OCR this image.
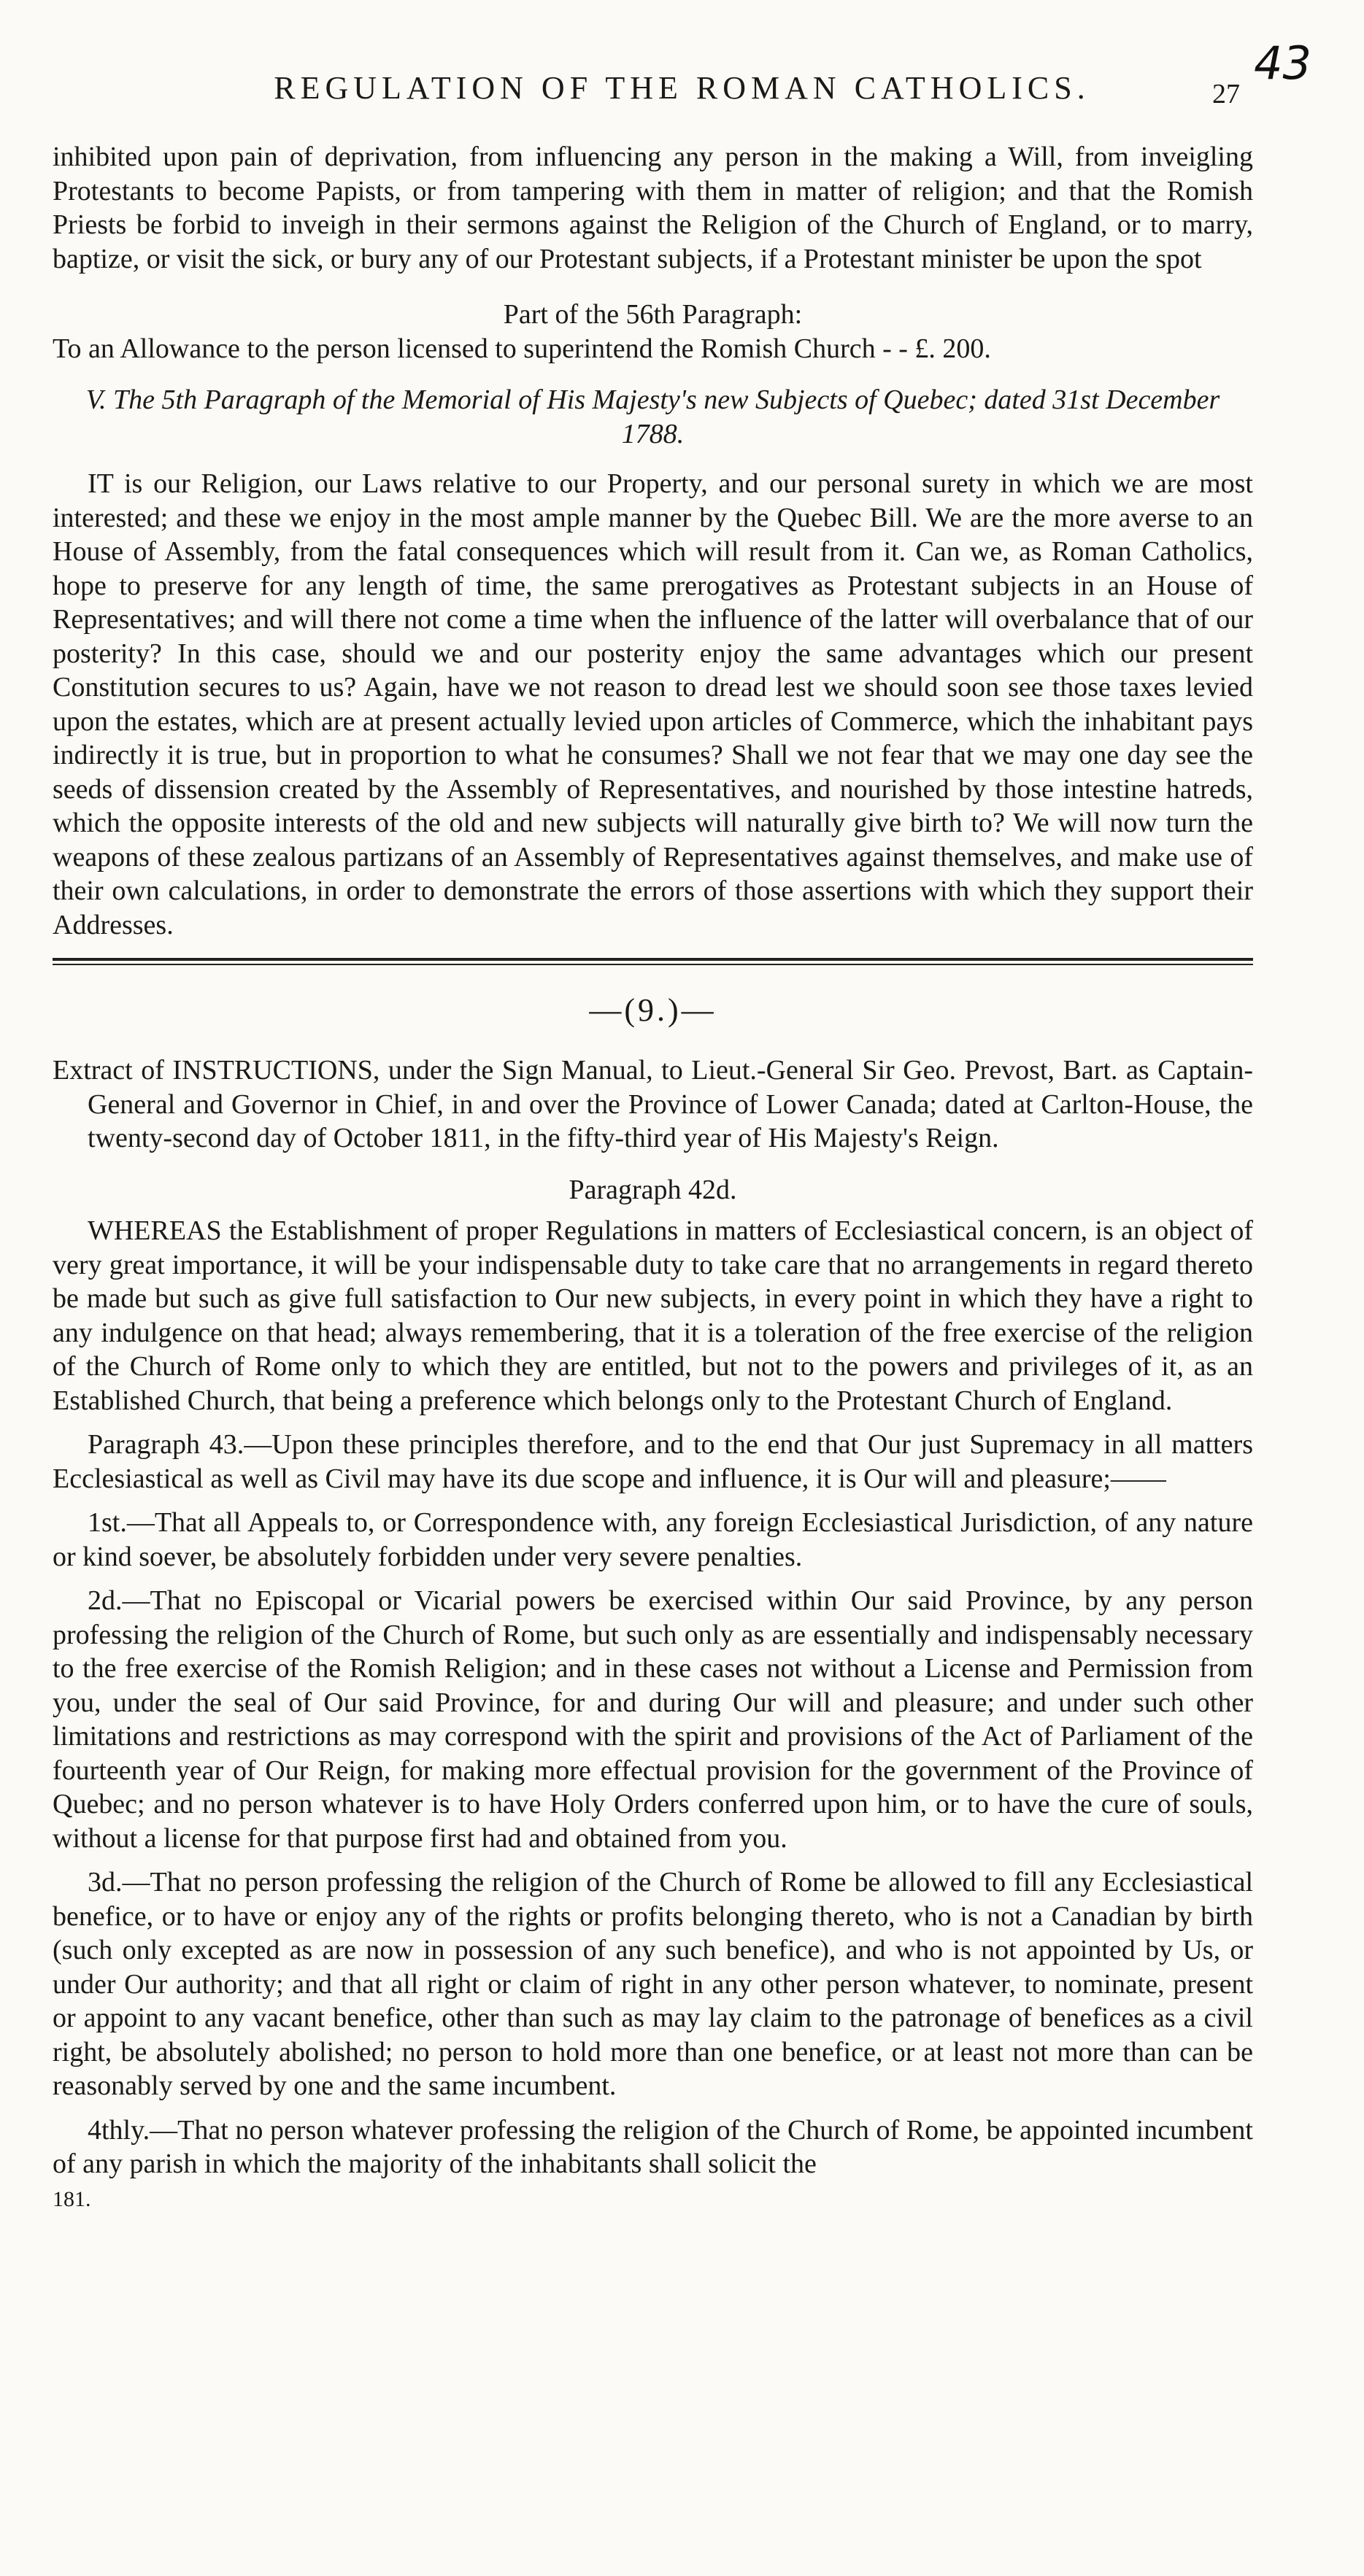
REGULATION OF THE ROMAN CATHOLICS.	27
43

inhibited upon pain of deprivation, from influencing any person in the making a Will, from inveigling Protestants to become Papists, or from tampering with them in matter of religion; and that the Romish Priests be forbid to inveigh in their sermons against the Religion of the Church of England, or to marry, baptize, or visit the sick, or bury any of our Protestant subjects, if a Protestant minister be upon the spot

Part of the 56th Paragraph:

To an Allowance to the person licensed to superintend the Romish Church - - £. 200.

V. The 5th Paragraph of the Memorial of His Majesty's new Subjects of Quebec; dated 31st December 1788.

IT is our Religion, our Laws relative to our Property, and our personal surety in which we are most interested; and these we enjoy in the most ample manner by the Quebec Bill. We are the more averse to an House of Assembly, from the fatal consequences which will result from it. Can we, as Roman Catholics, hope to preserve for any length of time, the same prerogatives as Protestant subjects in an House of Representatives; and will there not come a time when the influence of the latter will overbalance that of our posterity? In this case, should we and our posterity enjoy the same advantages which our present Constitution secures to us? Again, have we not reason to dread lest we should soon see those taxes levied upon the estates, which are at present actually levied upon articles of Commerce, which the inhabitant pays indirectly it is true, but in proportion to what he consumes? Shall we not fear that we may one day see the seeds of dissension created by the Assembly of Representatives, and nourished by those intestine hatreds, which the opposite interests of the old and new subjects will naturally give birth to? We will now turn the weapons of these zealous partizans of an Assembly of Representatives against themselves, and make use of their own calculations, in order to demonstrate the errors of those assertions with which they support their Addresses.

—(9.)—

Extract of INSTRUCTIONS, under the Sign Manual, to Lieut.-General Sir Geo. Prevost, Bart. as Captain-General and Governor in Chief, in and over the Province of Lower Canada; dated at Carlton-House, the twenty-second day of October 1811, in the fifty-third year of His Majesty's Reign.

Paragraph 42d.

WHEREAS the Establishment of proper Regulations in matters of Ecclesiastical concern, is an object of very great importance, it will be your indispensable duty to take care that no arrangements in regard thereto be made but such as give full satisfaction to Our new subjects, in every point in which they have a right to any indulgence on that head; always remembering, that it is a toleration of the free exercise of the religion of the Church of Rome only to which they are entitled, but not to the powers and privileges of it, as an Established Church, that being a preference which belongs only to the Protestant Church of England.

Paragraph 43.—Upon these principles therefore, and to the end that Our just Supremacy in all matters Ecclesiastical as well as Civil may have its due scope and influence, it is Our will and pleasure;——

1st.—That all Appeals to, or Correspondence with, any foreign Ecclesiastical Jurisdiction, of any nature or kind soever, be absolutely forbidden under very severe penalties.

2d.—That no Episcopal or Vicarial powers be exercised within Our said Province, by any person professing the religion of the Church of Rome, but such only as are essentially and indispensably necessary to the free exercise of the Romish Religion; and in these cases not without a License and Permission from you, under the seal of Our said Province, for and during Our will and pleasure; and under such other limitations and restrictions as may correspond with the spirit and provisions of the Act of Parliament of the fourteenth year of Our Reign, for making more effectual provision for the government of the Province of Quebec; and no person whatever is to have Holy Orders conferred upon him, or to have the cure of souls, without a license for that purpose first had and obtained from you.

3d.—That no person professing the religion of the Church of Rome be allowed to fill any Ecclesiastical benefice, or to have or enjoy any of the rights or profits belonging thereto, who is not a Canadian by birth (such only excepted as are now in possession of any such benefice), and who is not appointed by Us, or under Our authority; and that all right or claim of right in any other person whatever, to nominate, present or appoint to any vacant benefice, other than such as may lay claim to the patronage of benefices as a civil right, be absolutely abolished; no person to hold more than one benefice, or at least not more than can be reasonably served by one and the same incumbent.

4thly.—That no person whatever professing the religion of the Church of Rome, be appointed incumbent of any parish in which the majority of the inhabitants shall solicit the

181.
